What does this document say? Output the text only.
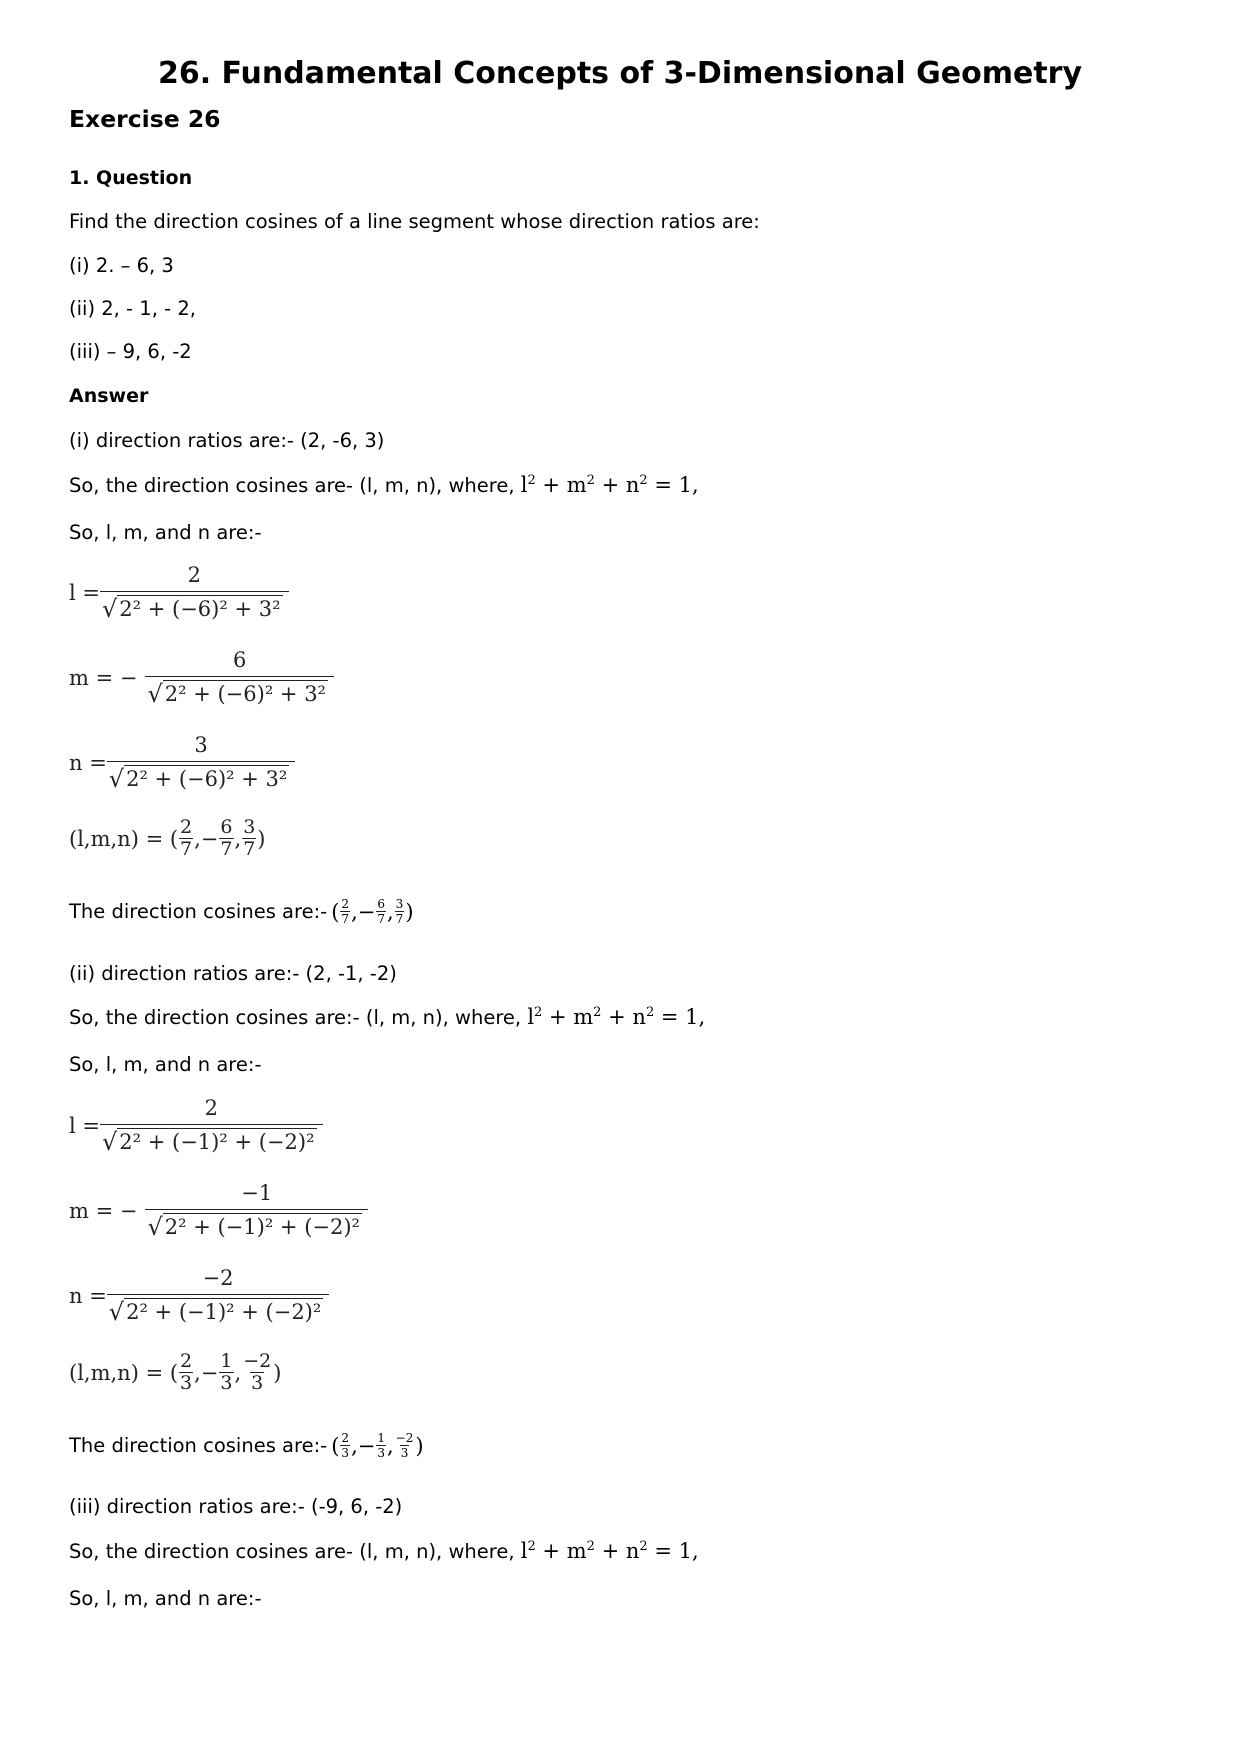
26. Fundamental Concepts of 3-Dimensional Geometry
Exercise 26
1. Question
Find the direction cosines of a line segment whose direction ratios are:
(i) 2. – 6, 3
(ii) 2, - 1, - 2,
(iii) – 9, 6, -2
Answer
(i) direction ratios are:- (2, -6, 3)
So, the direction cosines are- (l, m, n), where, $l^2 + m^2 + n^2 = 1$,
So, l, m, and n are:-
$l = \frac{2}{\text{√ 2² + (−6)² + 3²}}$
m = − $\frac{6}{\text{√ 2² + (−6)² + 3²}}$
$n = \frac{3}{\text{√ 2² + (−6)² + 3²}}$
(l,m,n) = ( $\frac{2}{7}$ ,− $\frac{6}{7}$ , $\frac{3}{7}$ )
The direction cosines are:- ( $\frac{2}{7}$ ,− $\frac{6}{7}$ , $\frac{3}{7}$ )
(ii) direction ratios are:- (2, -1, -2)
So, the direction cosines are:- (l, m, n), where, $l^2 + m^2 + n^2 = 1$,
So, l, m, and n are:-
$l = \frac{2}{\text{√ 2² + (−1)² + (−2)²}}$
m = − $\frac{-1}{\text{√ 2² + (−1)² + (−2)²}}$
$n = \frac{-2}{\text{√ 2² + (−1)² + (−2)²}}$
(l,m,n) = ( $\frac{2}{3}$ ,− $\frac{1}{3}$ , $\frac{-2}{3}$ )
The direction cosines are:- ( $\frac{2}{3}$ ,− $\frac{1}{3}$ , $\frac{-2}{3}$ )
(iii) direction ratios are:- (-9, 6, -2)
So, the direction cosines are- (l, m, n), where, $l^2 + m^2 + n^2 = 1$,
So, l, m, and n are:-
